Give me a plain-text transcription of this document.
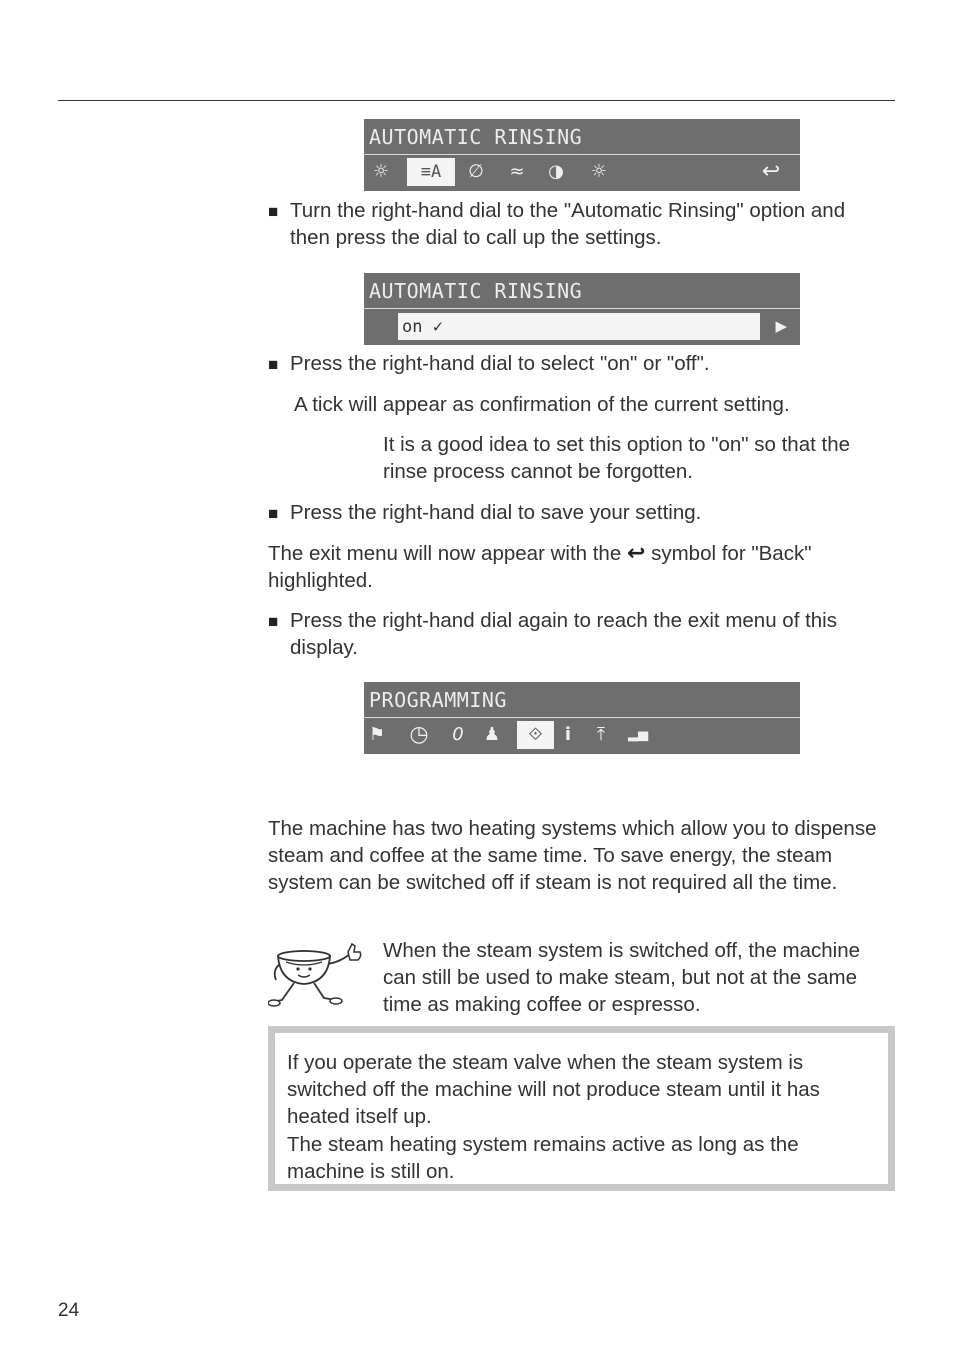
AUTOMATIC RINSING
☼	≡A	∅ ≈ ◑ ☼	↩
■ Turn the right-hand dial to the "Automatic Rinsing" option and then press the dial to call up the settings.

AUTOMATIC RINSING
on ✓	▶
■ Press the right-hand dial to select "on" or "off".

A tick will appear as confirmation of the current setting.

It is a good idea to set this option to "on" so that the rinse process cannot be forgotten.

■ Press the right-hand dial to save your setting.

The exit menu will now appear with the ↩ symbol for "Back"
highlighted.

■ Press the right-hand dial again to reach the exit menu of this display.

PROGRAMMING
⚑ ◷ 0 ♟	⟐	i	⤒	▂▅

The machine has two heating systems which allow you to dispense steam and coffee at the same time. To save energy, the steam system can be switched off if steam is not required all the time.

When the steam system is switched off, the machine can still be used to make steam, but not at the same time as making coffee or espresso.

If you operate the steam valve when the steam system is switched off the machine will not produce steam until it has heated itself up.
The steam heating system remains active as long as the machine is still on.

24
